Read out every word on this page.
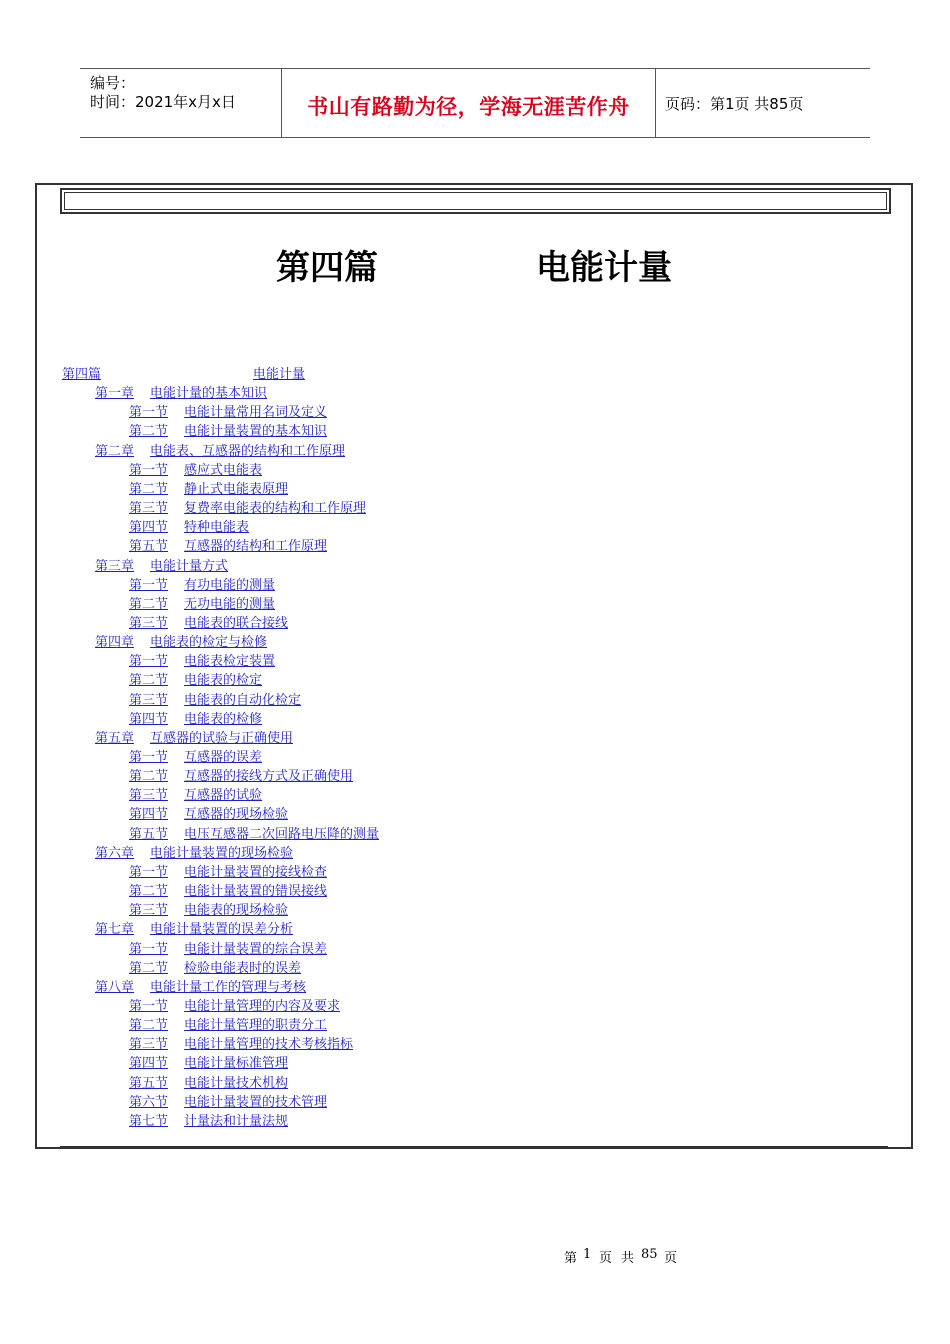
编号：
时间：2021年x月x日	书山有路勤为径，学海无涯苦作舟	页码：第1页 共85页
第四篇	电能计量
第四篇	电能计量
第一章 电能计量的基本知识
第一节 电能计量常用名词及定义
第二节 电能计量装置的基本知识
第二章 电能表、互感器的结构和工作原理
第一节 感应式电能表
第二节 静止式电能表原理
第三节 复费率电能表的结构和工作原理
第四节 特种电能表
第五节 互感器的结构和工作原理
第三章 电能计量方式
第一节 有功电能的测量
第二节 无功电能的测量
第三节 电能表的联合接线
第四章 电能表的检定与检修
第一节 电能表检定装置
第二节 电能表的检定
第三节 电能表的自动化检定
第四节 电能表的检修
第五章 互感器的试验与正确使用
第一节 互感器的误差
第二节 互感器的接线方式及正确使用
第三节 互感器的试验
第四节 互感器的现场检验
第五节 电压互感器二次回路电压降的测量
第六章 电能计量装置的现场检验
第一节 电能计量装置的接线检查
第二节 电能计量装置的错误接线
第三节 电能表的现场检验
第七章 电能计量装置的误差分析
第一节 电能计量装置的综合误差
第二节 检验电能表时的误差
第八章 电能计量工作的管理与考核
第一节 电能计量管理的内容及要求
第二节 电能计量管理的职责分工
第三节 电能计量管理的技术考核指标
第四节 电能计量标准管理
第五节 电能计量技术机构
第六节 电能计量装置的技术管理
第七节 计量法和计量法规
第 1 页 共 85 页
